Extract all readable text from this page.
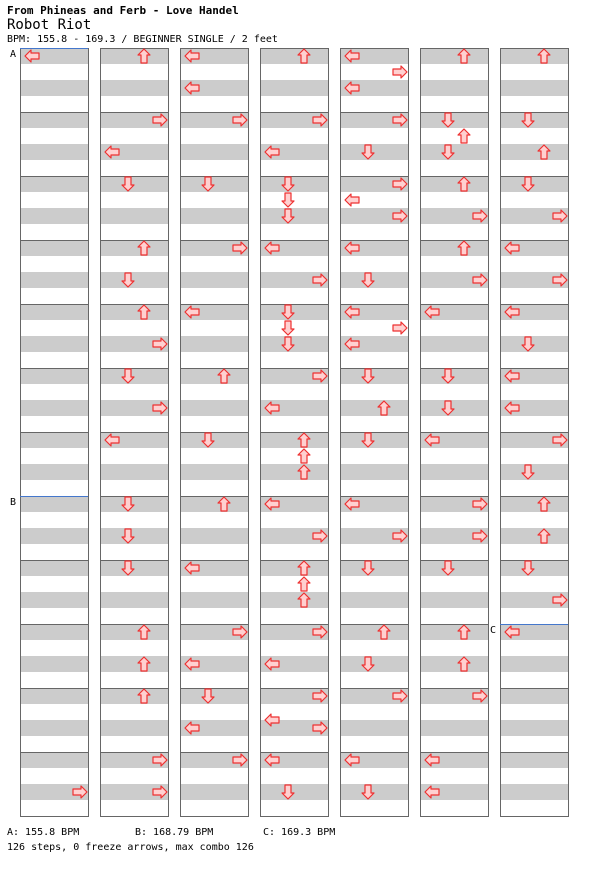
From Phineas and Ferb - Love Handel
Robot Riot
BPM: 155.8 - 169.3 / BEGINNER SINGLE / 2 feet
A
B
C
A: 155.8 BPM	B: 168.79 BPM	C: 169.3 BPM
126 steps, 0 freeze arrows, max combo 126
